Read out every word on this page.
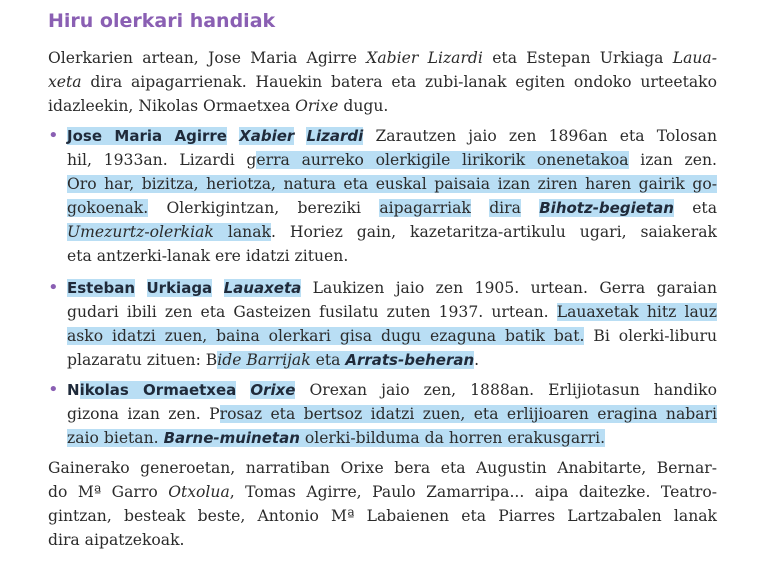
Hiru olerkari handiak
Olerkarien artean, Jose Maria Agirre Xabier Lizardi eta Estepan Urkiaga Laua-
xeta dira aipagarrienak. Hauekin batera eta zubi-lanak egiten ondoko urteetako
idazleekin, Nikolas Ormaetxea Orixe dugu.
• Jose Maria Agirre Xabier Lizardi Zarautzen jaio zen 1896an eta Tolosan
hil, 1933an. Lizardi gerra aurreko olerkigile lirikorik onenetakoa izan zen.
Oro har, bizitza, heriotza, natura eta euskal paisaia izan ziren haren gairik go-
gokoenak. Olerkigintzan, bereziki aipagarriak dira Bihotz-begietan eta
Umezurtz-olerkiak lanak. Horiez gain, kazetaritza-artikulu ugari, saiakerak
eta antzerki-lanak ere idatzi zituen.
• Esteban Urkiaga Lauaxeta Laukizen jaio zen 1905. urtean. Gerra garaian
gudari ibili zen eta Gasteizen fusilatu zuten 1937. urtean. Lauaxetak hitz lauz
asko idatzi zuen, baina olerkari gisa dugu ezaguna batik bat. Bi olerki-liburu
plazaratu zituen: Bide Barrijak eta Arrats-beheran.
• Nikolas Ormaetxea Orixe Orexan jaio zen, 1888an. Erlijiotasun handiko
gizona izan zen. Prosaz eta bertsoz idatzi zuen, eta erlijioaren eragina nabari
zaio bietan. Barne-muinetan olerki-bilduma da horren erakusgarri.
Gainerako generoetan, narratiban Orixe bera eta Augustin Anabitarte, Bernar-
do Mª Garro Otxolua, Tomas Agirre, Paulo Zamarripa... aipa daitezke. Teatro-
gintzan, besteak beste, Antonio Mª Labaienen eta Piarres Lartzabalen lanak
dira aipatzekoak.
